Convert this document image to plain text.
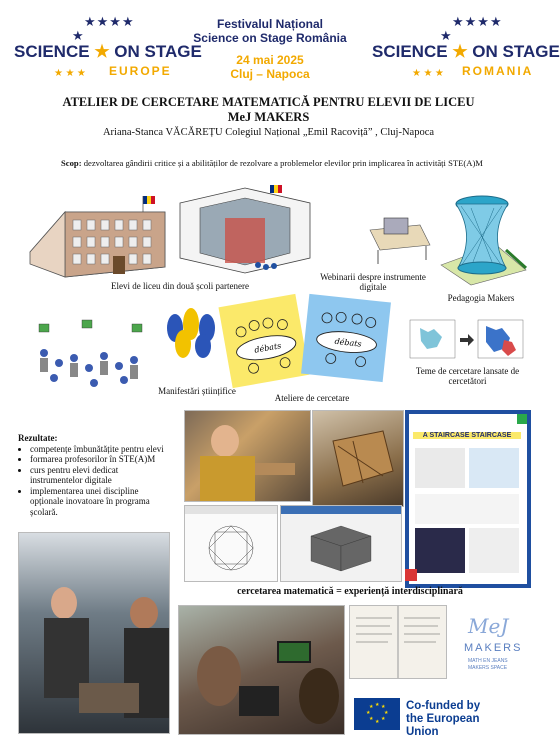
★★★★
★
SCIENCE ★ ON STAGE
EUROPE
★ ★ ★
★★★★
★
SCIENCE ★ ON STAGE
ROMANIA
★ ★ ★
Festivalul Național
Science on Stage România
24 mai 2025
Cluj – Napoca
ATELIER DE CERCETARE MATEMATICĂ PENTRU ELEVII DE LICEU
MeJ MAKERS
Ariana-Stanca VĂCĂREȚU Colegiul Național „Emil Racoviță” , Cluj-Napoca
Scop: dezvoltarea gândirii critice și a abilităților de rezolvare a problemelor elevilor prin implicarea în activități STE(A)M
Elevi de liceu din două școli partenere
Webinarii despre instrumente digitale
Pedagogia Makers
Manifestări științifice
débats	débats
Ateliere de cercetare
Teme de cercetare lansate de cercetători
Rezultate:
• competențe îmbunătățite pentru elevi
• formarea profesorilor în STE(A)M
• curs pentru elevi dedicat instrumentelor digitale
• implementarea unei discipline opționale inovatoare în programa școlară.
A STAIRCASE STAIRCASE
cercetarea matematică = experiență interdisciplinară
MeJ
MAKERS
MATH EN JEANS
MAKERS SPACE
★ ★
★
★
★
★
★
★	Co-funded by
the European Union
